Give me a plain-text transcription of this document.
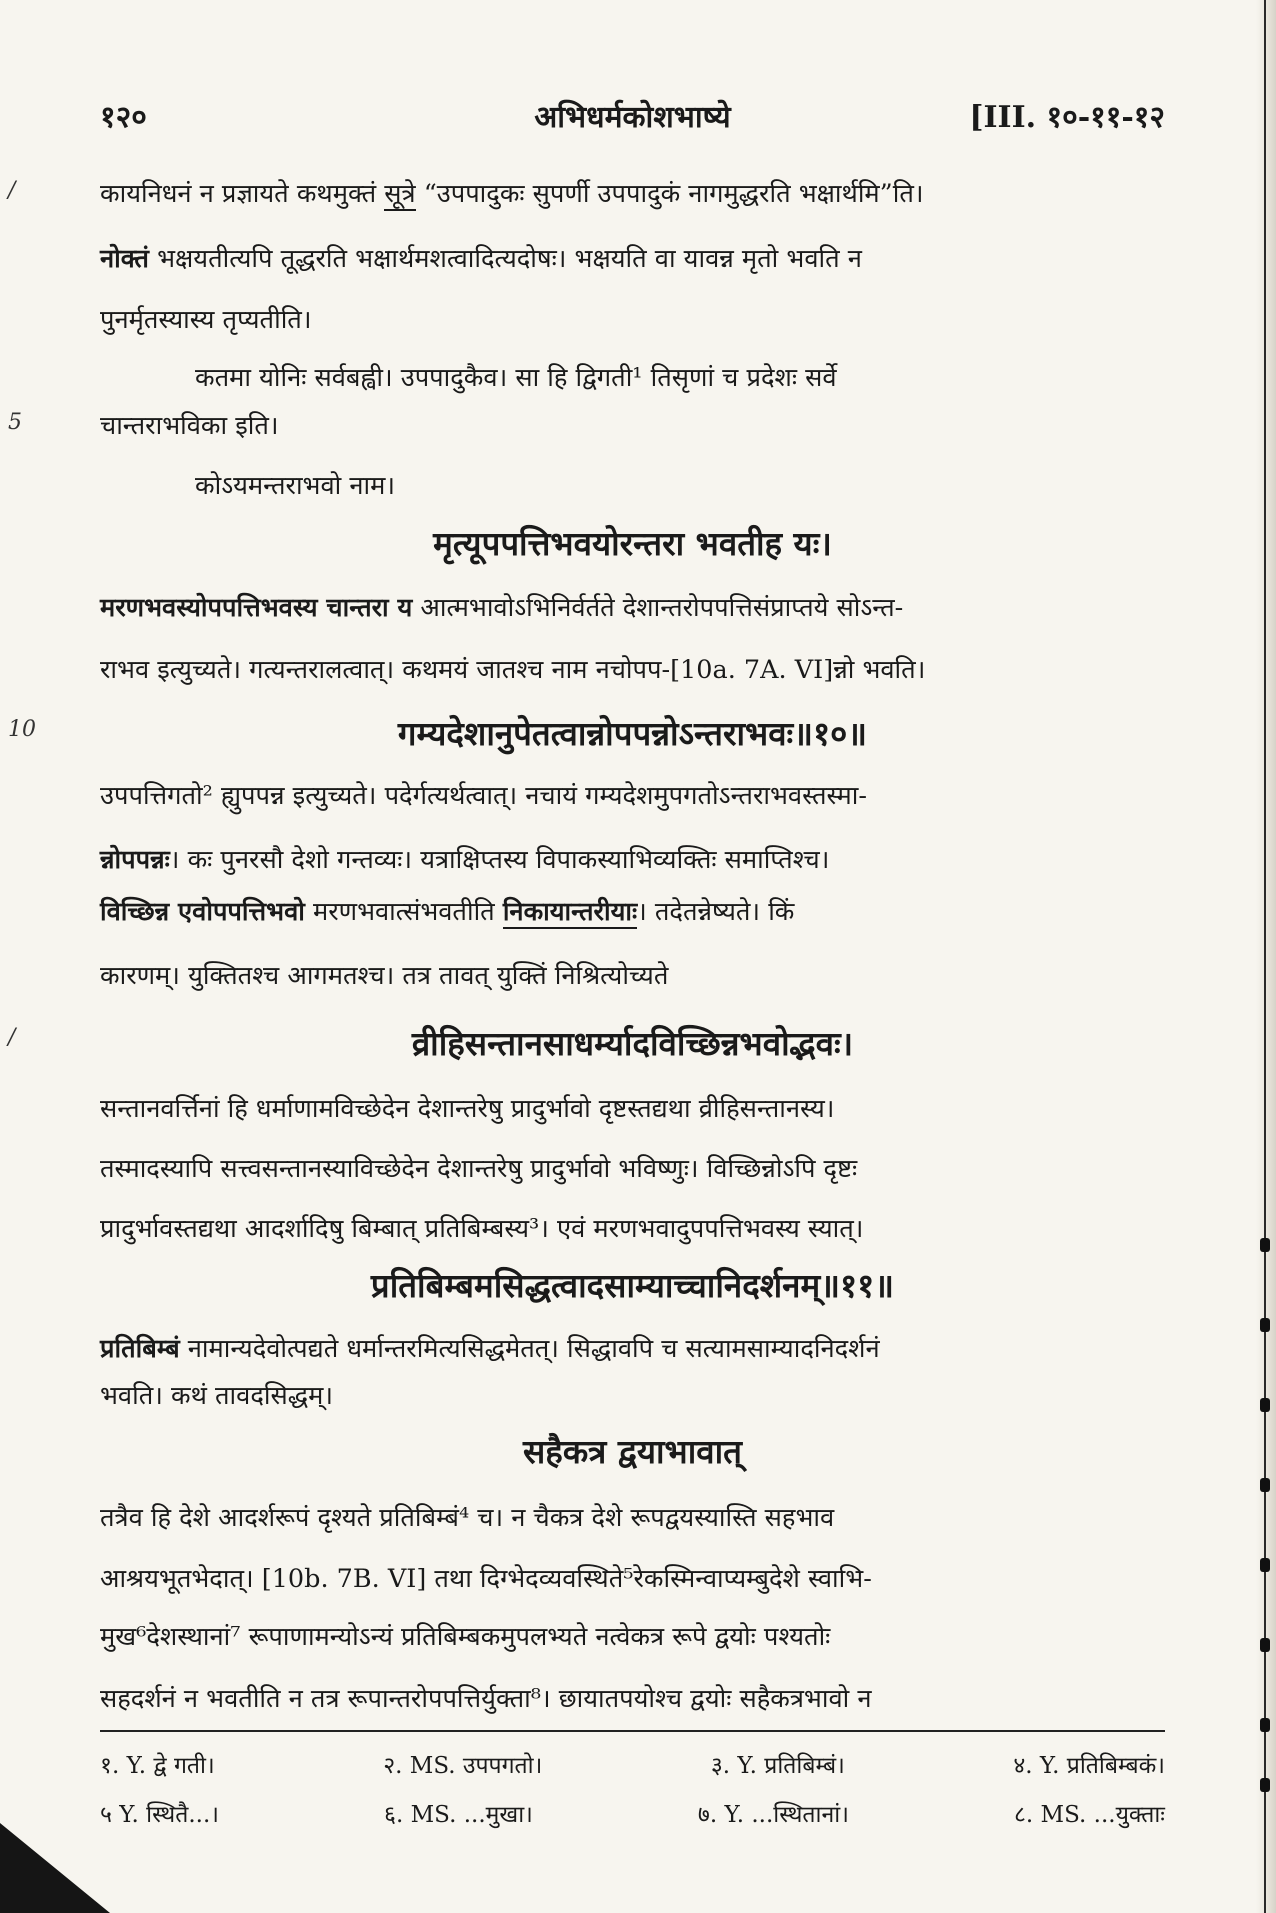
१२०	अभिधर्मकोशभाष्ये	[III. १०-११-१२
/
5
10
/
कायनिधनं न प्रज्ञायते कथमुक्तं सूत्रे “उपपादुकः सुपर्णी उपपादुकं नागमुद्धरति भक्षार्थमि”ति।
नोक्तं भक्षयतीत्यपि तूद्धरति भक्षार्थमशत्वादित्यदोषः। भक्षयति वा यावन्न मृतो भवति न
पुनर्मृतस्यास्य तृप्यतीति।
कतमा योनिः सर्वबह्वी। उपपादुकैव। सा हि द्विगती¹ तिसृणां च प्रदेशः सर्वे
चान्तराभविका इति।
कोऽयमन्तराभवो नाम।
मृत्यूपपत्तिभवयोरन्तरा भवतीह यः।
मरणभवस्योपपत्तिभवस्य चान्तरा य आत्मभावोऽभिनिर्वर्तते देशान्तरोपपत्तिसंप्राप्तये सोऽन्त-
राभव इत्युच्यते। गत्यन्तरालत्वात्। कथमयं जातश्च नाम नचोपप-[10a. 7A. VI]न्नो भवति।
गम्यदेशानुपेतत्वान्नोपपन्नोऽन्तराभवः॥१०॥
उपपत्तिगतो² ह्युपपन्न इत्युच्यते। पदेर्गत्यर्थत्वात्। नचायं गम्यदेशमुपगतोऽन्तराभवस्तस्मा-
न्नोपपन्नः। कः पुनरसौ देशो गन्तव्यः। यत्राक्षिप्तस्य विपाकस्याभिव्यक्तिः समाप्तिश्च।
विच्छिन्न एवोपपत्तिभवो मरणभवात्संभवतीति निकायान्तरीयाः। तदेतन्नेष्यते। किं
कारणम्। युक्तितश्च आगमतश्च। तत्र तावत् युक्तिं निश्रित्योच्यते
व्रीहिसन्तानसाधर्म्यादविच्छिन्नभवोद्भवः।
सन्तानवर्त्तिनां हि धर्माणामविच्छेदेन देशान्तरेषु प्रादुर्भावो दृष्टस्तद्यथा व्रीहिसन्तानस्य।
तस्मादस्यापि सत्त्वसन्तानस्याविच्छेदेन देशान्तरेषु प्रादुर्भावो भविष्णुः। विच्छिन्नोऽपि दृष्टः
प्रादुर्भावस्तद्यथा आदर्शादिषु बिम्बात् प्रतिबिम्बस्य³। एवं मरणभवादुपपत्तिभवस्य स्यात्।
प्रतिबिम्बमसिद्धत्वादसाम्याच्चानिदर्शनम्॥११॥
प्रतिबिम्बं नामान्यदेवोत्पद्यते धर्मान्तरमित्यसिद्धमेतत्। सिद्धावपि च सत्यामसाम्यादनिदर्शनं
भवति। कथं तावदसिद्धम्।
सहैकत्र द्वयाभावात्
तत्रैव हि देशे आदर्शरूपं दृश्यते प्रतिबिम्बं⁴ च। न चैकत्र देशे रूपद्वयस्यास्ति सहभाव
आश्रयभूतभेदात्। [10b. 7B. VI] तथा दिग्भेदव्यवस्थिते⁵रेकस्मिन्वाप्यम्बुदेशे स्वाभि-
मुख⁶देशस्थानां⁷ रूपाणामन्योऽन्यं प्रतिबिम्बकमुपलभ्यते नत्वेकत्र रूपे द्वयोः पश्यतोः
सहदर्शनं न भवतीति न तत्र रूपान्तरोपपत्तिर्युक्ता⁸। छायातपयोश्च द्वयोः सहैकत्रभावो न
१. Y. द्वे गती।	२. MS. उपपगतो।	३. Y. प्रतिबिम्बं।	४. Y. प्रतिबिम्बकं।
५ Y. स्थितै...।	६. MS. ...मुखा।	७. Y. ...स्थितानां।	८. MS. ...युक्ताः
